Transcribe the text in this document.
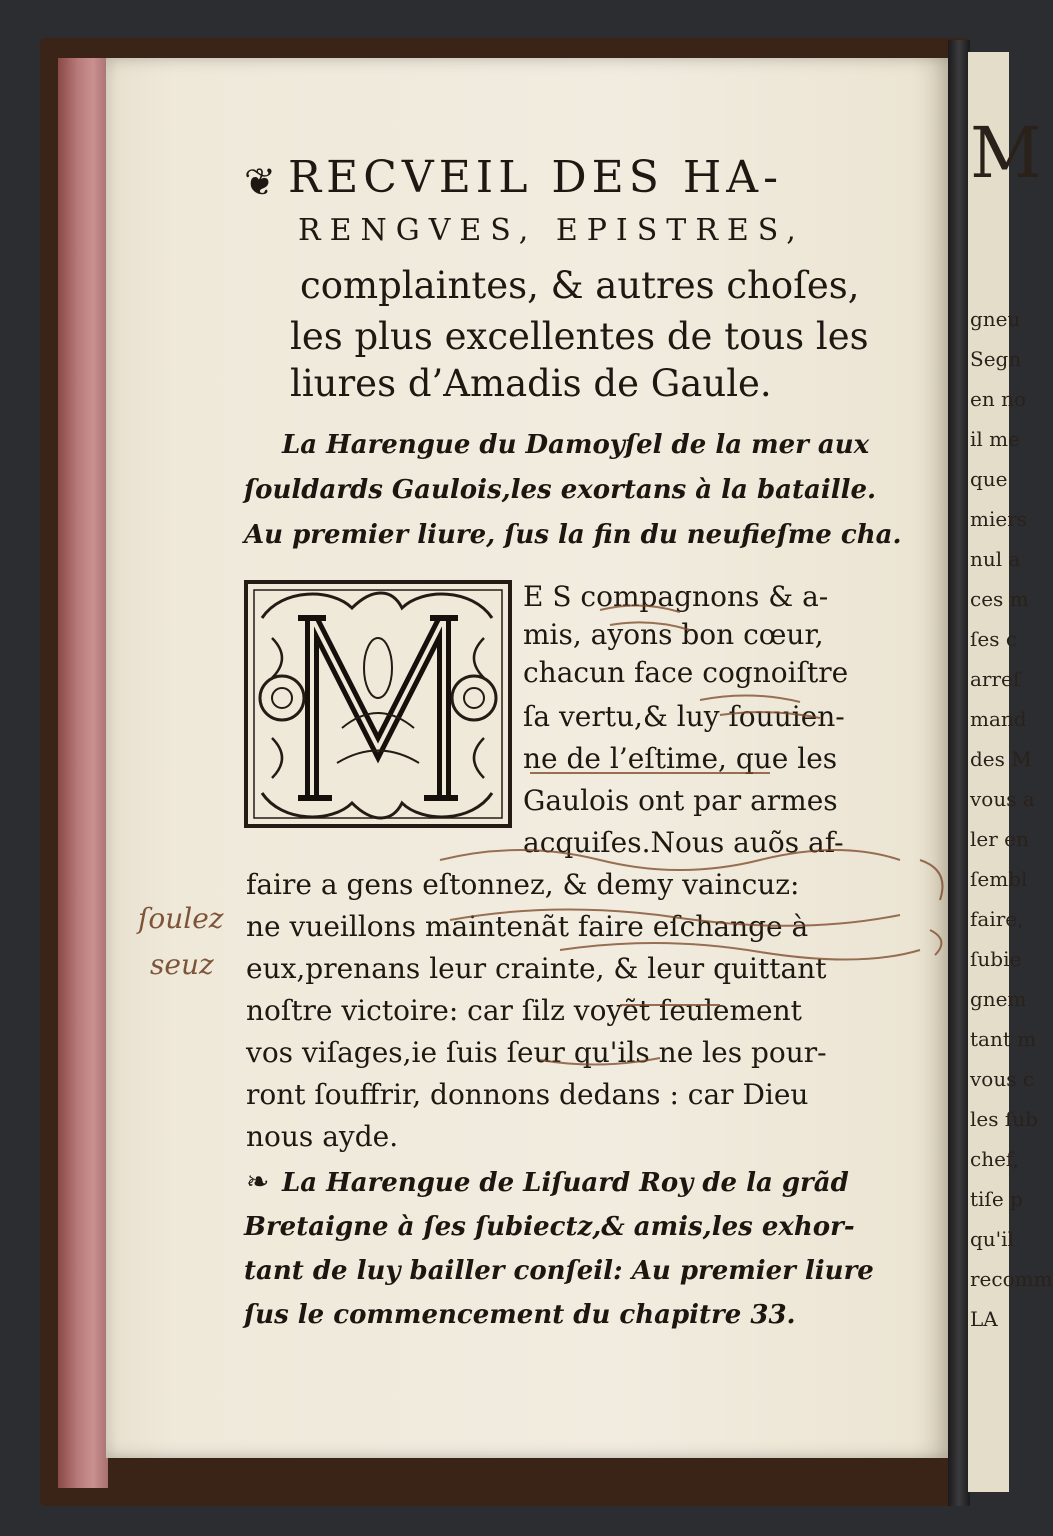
M
gneu
Segn
en no
il me
que
miers
nul a
ces m
ſes c
arreſ
mand
des M
vous a
ler en
ſembl
faire,
ſubie
gnem
tant m
vous c
les ſub
chef,
tiſe p
qu'il
recomm
LA
❦ RECVEIL DES HA-
RENGVES, EPISTRES,
complaintes, & autres choſes,
les plus excellentes de tous les
liures d’Amadis de Gaule.
La Harengue du Damoyſel de la mer aux
ſouldards Gaulois,les exortans à la bataille.
Au premier liure, ſus la fin du neufieſme cha.
E S compagnons & a-
mis, ayons bon cœur,
chacun face cognoiſtre
ſa vertu,& luy ſouuien-
ne de l’eſtime, que les
Gaulois ont par armes
acquiſes.Nous auõs af-
faire a gens eſtonnez, & demy vaincuz:
ne vueillons maintenãt faire eſchange à
eux,prenans leur crainte, & leur quittant
noſtre victoire: car ſilz voyẽt ſeulement
vos viſages,ie ſuis ſeur qu'ils ne les pour-
ront ſouffrir, donnons dedans : car Dieu
nous ayde.
❧ La Harengue de Liſuard Roy de la grãd
Bretaigne à ſes ſubiectz,& amis,les exhor-
tant de luy bailler conſeil: Au premier liure
ſus le commencement du chapitre 33.
ſoulez
seuz
